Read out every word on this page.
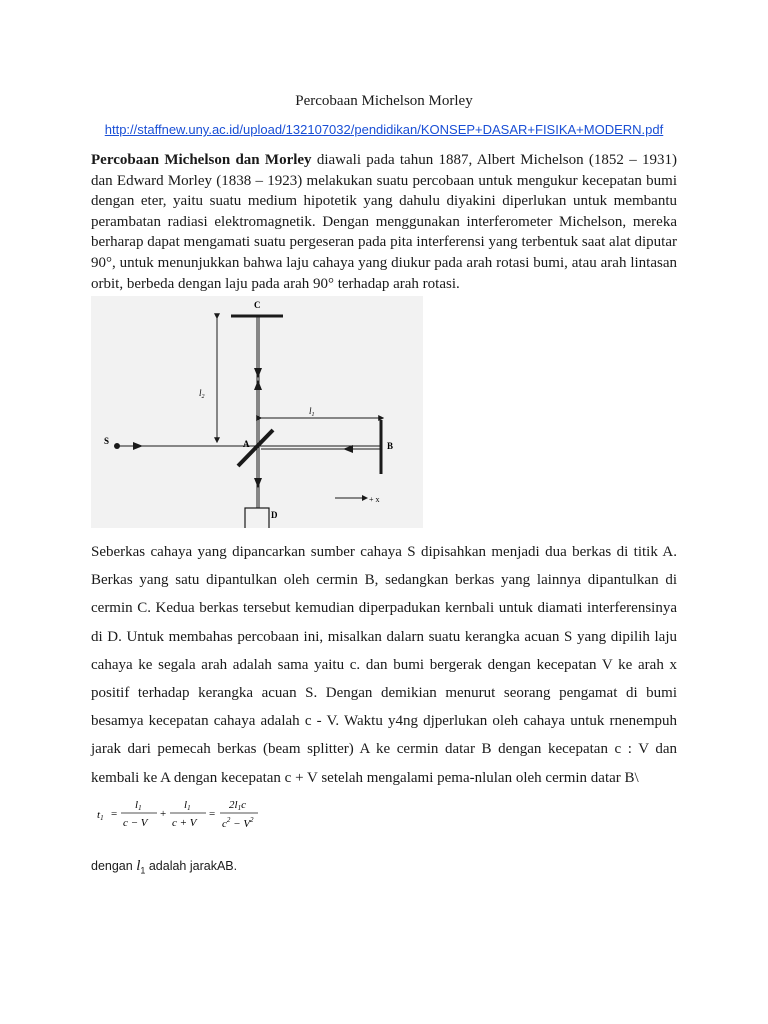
Percobaan Michelson Morley
http://staffnew.uny.ac.id/upload/132107032/pendidikan/KONSEP+DASAR+FISIKA+MODERN.pdf

Percobaan Michelson dan Morley diawali pada tahun 1887, Albert Michelson (1852 – 1931) dan Edward Morley (1838 – 1923) melakukan suatu percobaan untuk mengukur kecepatan bumi dengan eter, yaitu suatu medium hipotetik yang dahulu diyakini diperlukan untuk membantu perambatan radiasi elektromagnetik. Dengan menggunakan interferometer Michelson, mereka berharap dapat mengamati suatu pergeseran pada pita interferensi yang terbentuk saat alat diputar 90°, untuk menunjukkan bahwa laju cahaya yang diukur pada arah rotasi bumi, atau arah lintasan orbit, berbeda dengan laju pada arah 90° terhadap arah rotasi.

C
$l_2$
$l_1$
S	A	B
D
+ x

Seberkas cahaya yang dipancarkan sumber cahaya S dipisahkan menjadi dua berkas di titik A. Berkas yang satu dipantulkan oleh cermin B, sedangkan berkas yang lainnya dipantulkan di cermin C. Kedua berkas tersebut kemudian diperpadukan kernbali untuk diamati interferensinya di D. Untuk membahas percobaan ini, misalkan dalarn suatu kerangka acuan S yang dipilih laju cahaya ke segala arah adalah sama yaitu c. dan bumi bergerak dengan kecepatan V ke arah x positif terhadap kerangka acuan S. Dengan demikian menurut seorang pengamat di bumi besamya kecepatan cahaya adalah c - V. Waktu y4ng djperlukan oleh cahaya untuk rnenempuh jarak dari pemecah berkas (beam splitter) A ke cermin datar B dengan kecepatan c : V dan kembali ke A dengan kecepatan c + V setelah mengalami pema-nlulan oleh cermin datar B\

t1 =
l1
c − V
+
l1
c + V
=
2l1c
$c^2 - V^2$
dengan $l_1$ adalah jarakAB.
